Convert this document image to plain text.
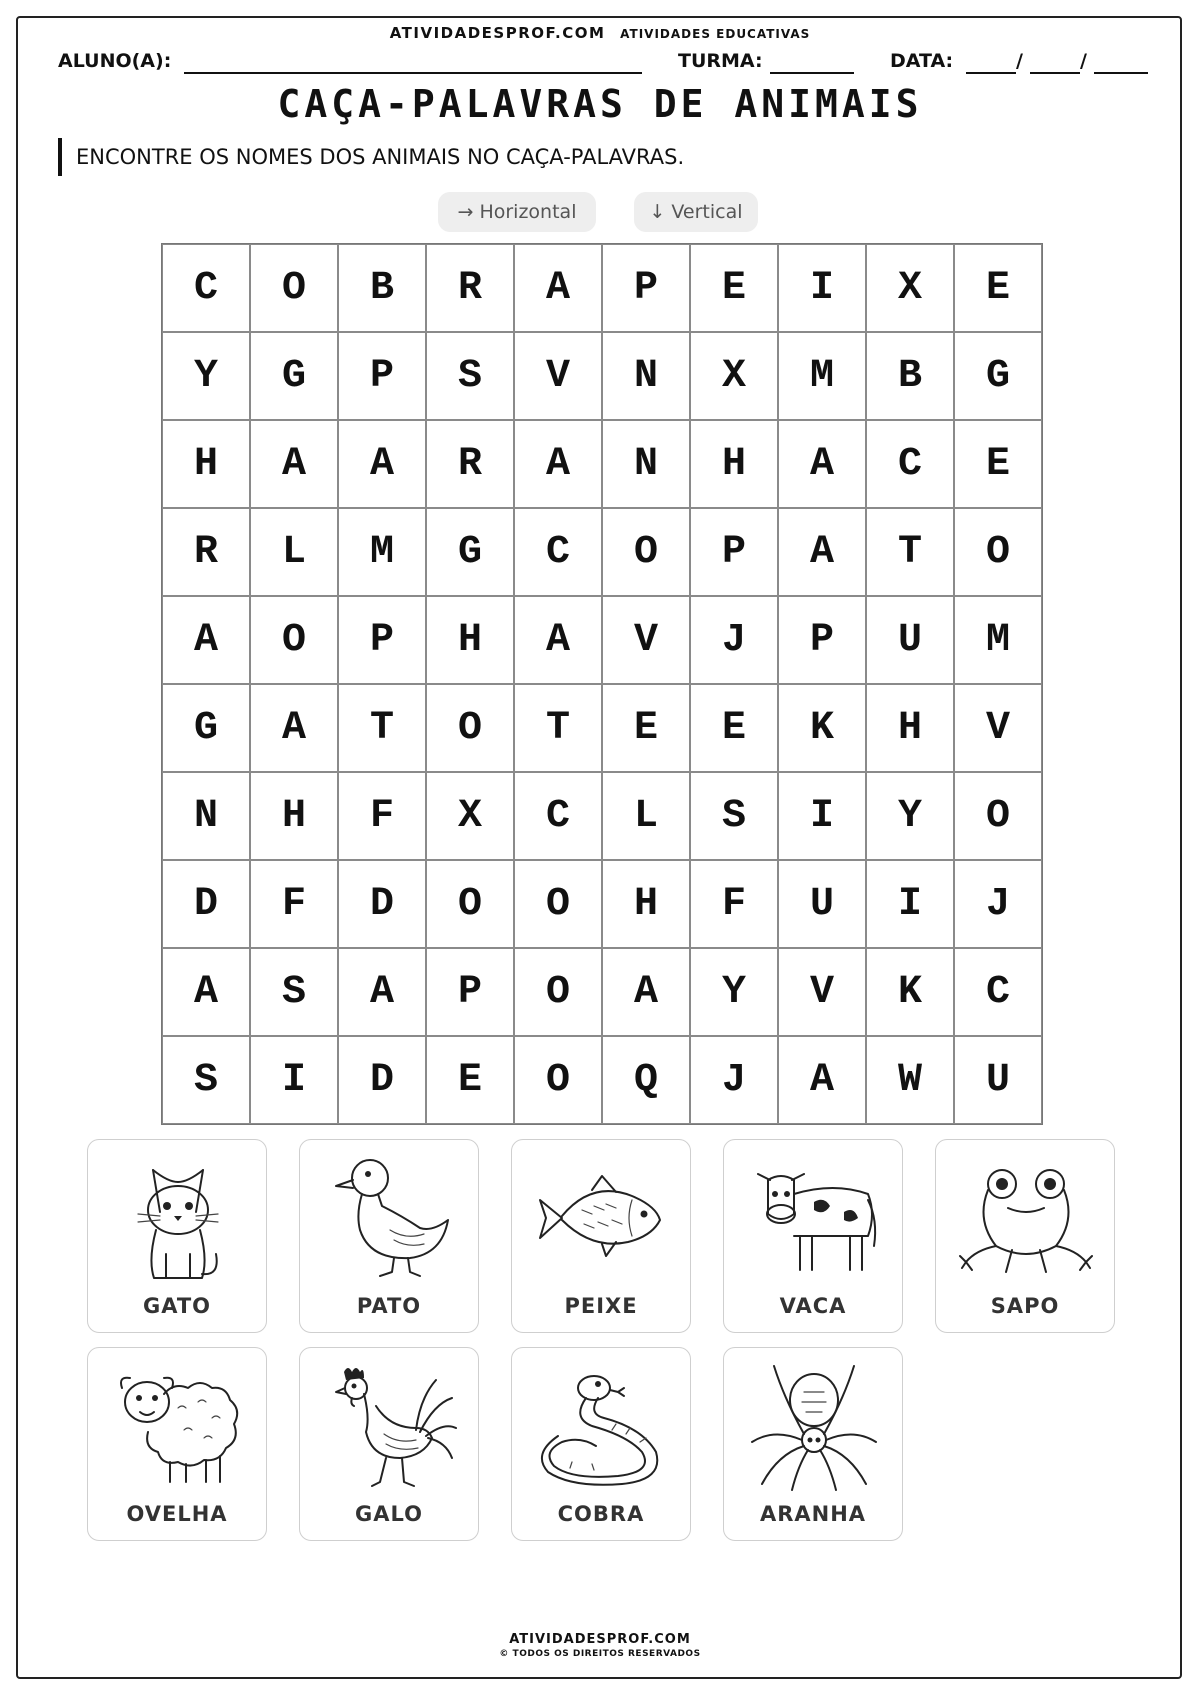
ATIVIDADESPROF.COM ATIVIDADES EDUCATIVAS
ALUNO(A):	TURMA:	DATA:	/	/
CAÇA-PALAVRAS DE ANIMAIS
ENCONTRE OS NOMES DOS ANIMAIS NO CAÇA-PALAVRAS.
→ Horizontal	↓ Vertical
C	O	B	R	A	P	E	I	X	E
Y	G	P	S	V	N	X	M	B	G
H	A	A	R	A	N	H	A	C	E
R	L	M	G	C	O	P	A	T	O
A	O	P	H	A	V	J	P	U	M
G	A	T	O	T	E	E	K	H	V
N	H	F	X	C	L	S	I	Y	O
D	F	D	O	O	H	F	U	I	J
A	S	A	P	O	A	Y	V	K	C
S	I	D	E	O	Q	J	A	W	U
GATO	PATO	PEIXE	VACA	SAPO
OVELHA	GALO	COBRA	ARANHA
ATIVIDADESPROF.COM
© TODOS OS DIREITOS RESERVADOS
